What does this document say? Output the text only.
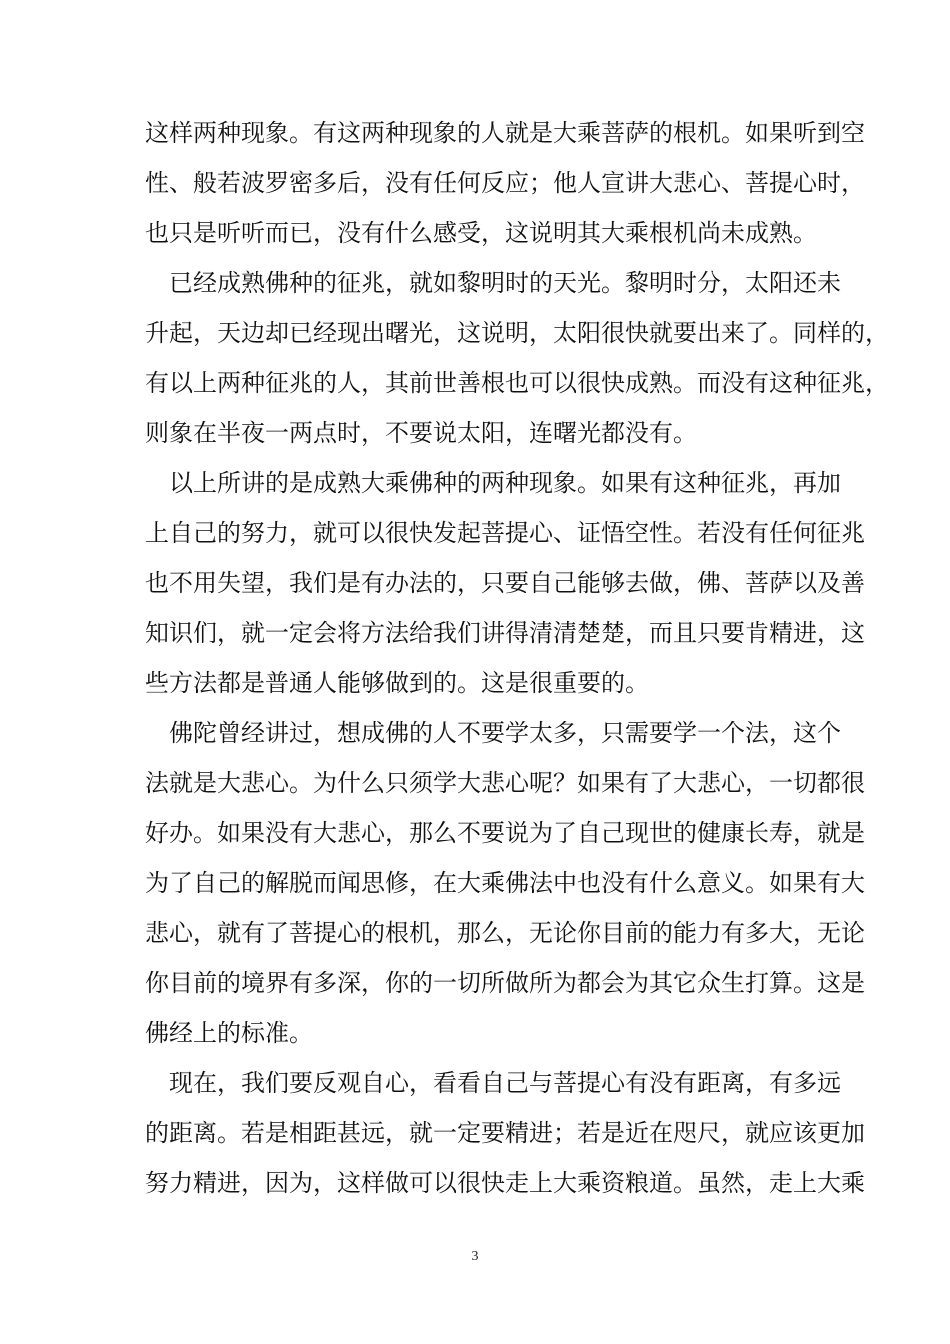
这样两种现象。有这两种现象的人就是大乘菩萨的根机。如果听到空
性、般若波罗密多后，没有任何反应；他人宣讲大悲心、菩提心时，
也只是听听而已，没有什么感受，这说明其大乘根机尚未成熟。
　已经成熟佛种的征兆，就如黎明时的天光。黎明时分，太阳还未
升起，天边却已经现出曙光，这说明，太阳很快就要出来了。同样的，
有以上两种征兆的人，其前世善根也可以很快成熟。而没有这种征兆，
则象在半夜一两点时，不要说太阳，连曙光都没有。
　以上所讲的是成熟大乘佛种的两种现象。如果有这种征兆，再加
上自己的努力，就可以很快发起菩提心、证悟空性。若没有任何征兆
也不用失望，我们是有办法的，只要自己能够去做，佛、菩萨以及善
知识们，就一定会将方法给我们讲得清清楚楚，而且只要肯精进，这
些方法都是普通人能够做到的。这是很重要的。
　佛陀曾经讲过，想成佛的人不要学太多，只需要学一个法，这个
法就是大悲心。为什么只须学大悲心呢？如果有了大悲心，一切都很
好办。如果没有大悲心，那么不要说为了自己现世的健康长寿，就是
为了自己的解脱而闻思修，在大乘佛法中也没有什么意义。如果有大
悲心，就有了菩提心的根机，那么，无论你目前的能力有多大，无论
你目前的境界有多深，你的一切所做所为都会为其它众生打算。这是
佛经上的标准。
　现在，我们要反观自心，看看自己与菩提心有没有距离，有多远
的距离。若是相距甚远，就一定要精进；若是近在咫尺，就应该更加
努力精进，因为，这样做可以很快走上大乘资粮道。虽然，走上大乘
3
